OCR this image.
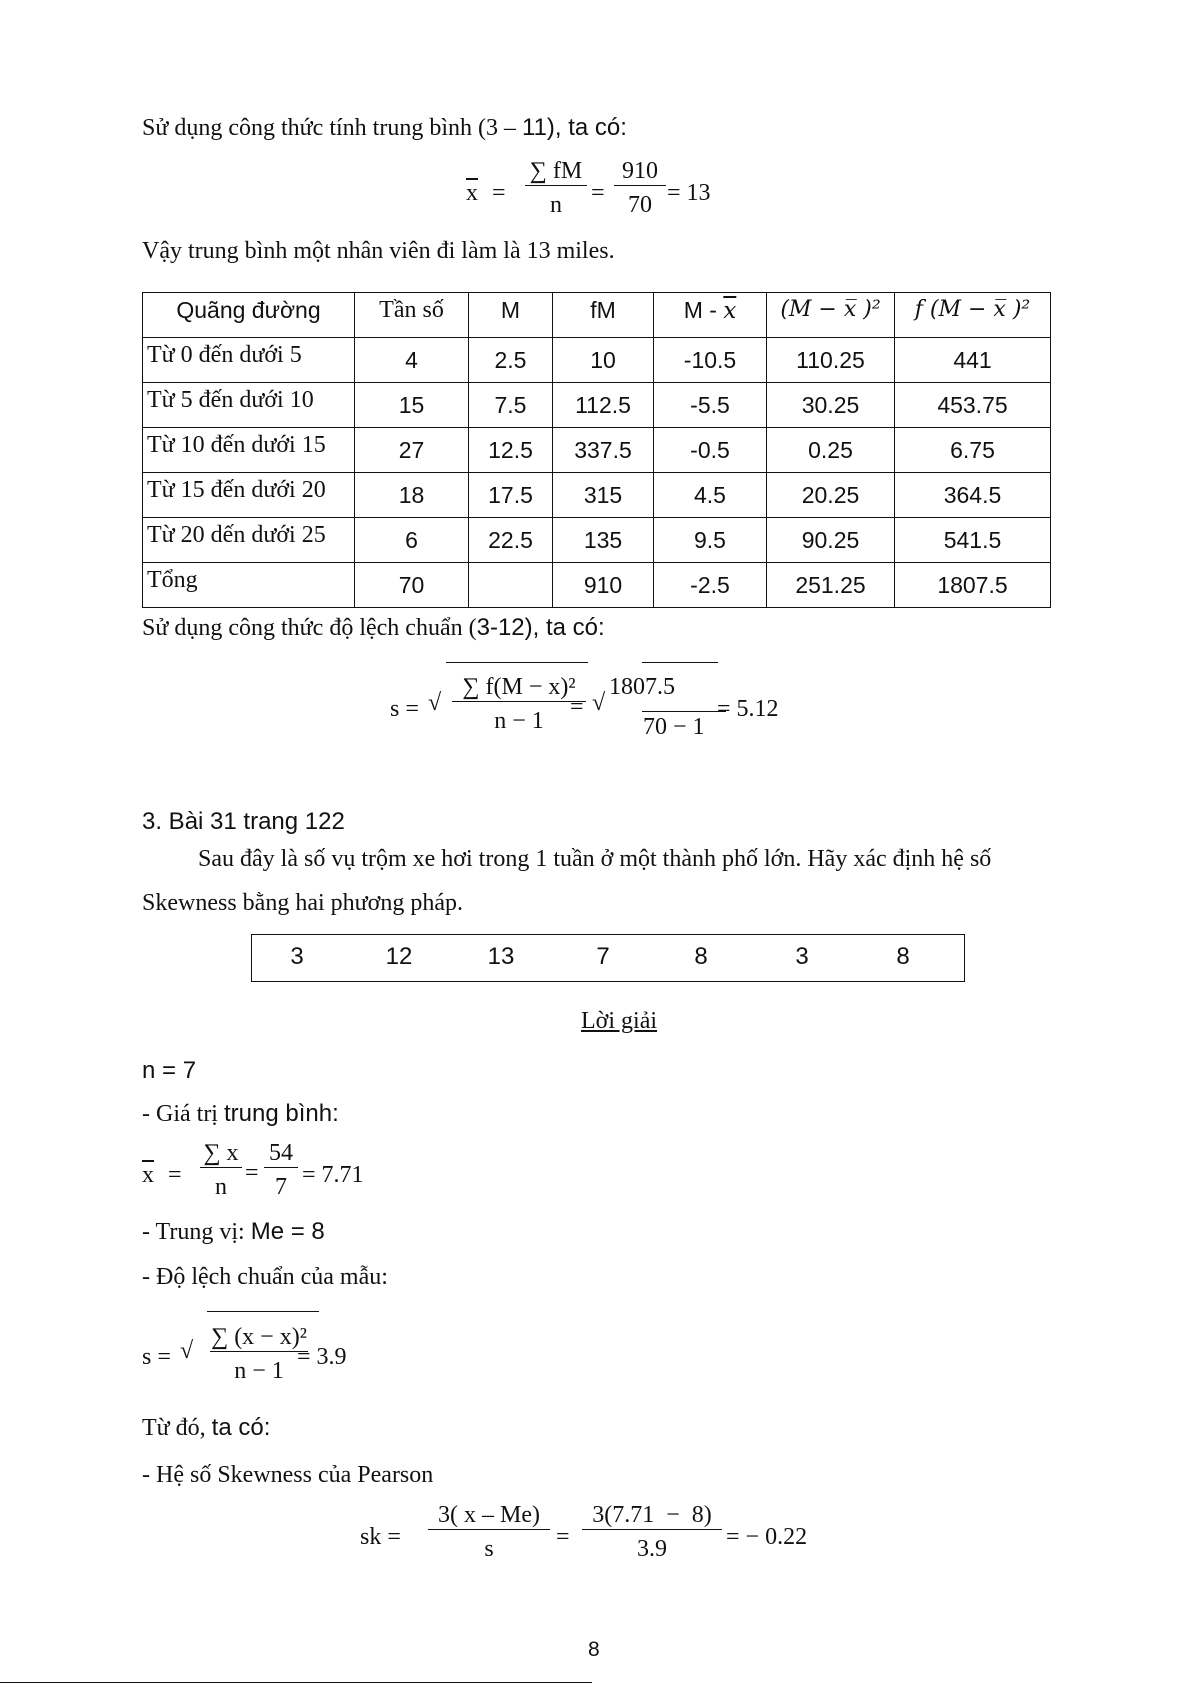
Sử dụng công thức tính trung bình (3 – 11), ta có:
$\overline{x}$ =
∑ fM
n	=
910
70 = 13
Vậy trung bình một nhân viên đi làm là 13 miles.
Quãng đường	Tần số	M	fM	M - $\overline{x}$	(M − x̅ )²	f (M − x̅ )²
Từ 0 đến dưới 5	4	2.5	10	-10.5	110.25	441
Từ 5 đến dưới 10	15	7.5	112.5	-5.5	30.25	453.75
Từ 10 đến dưới 15	27	12.5	337.5	-0.5	0.25	6.75
Từ 15 đến dưới 20	18	17.5	315	4.5	20.25	364.5
Từ 20 dến dưới 25	6	22.5	135	9.5	90.25	541.5
Tổng	70		910	-2.5	251.25	1807.5
Sử dụng công thức độ lệch chuẩn (3-12), ta có:
s = √
∑ f(M − x)²
n − 1
= √
1807.5
70 − 1
= 5.12
3. Bài 31 trang 122
Sau đây là số vụ trộm xe hơi trong 1 tuần ở một thành phố lớn. Hãy xác định hệ số
Skewness bằng hai phương pháp.
3	12	13	7	8	3	8
Lời giải
n = 7
- Giá trị trung bình:
$\overline{x}$ =
∑ x
n
=
54
7 = 7.71
- Trung vị: Me = 8
- Độ lệch chuẩn của mẫu:
s = √
∑ (x − x)²
n − 1
= 3.9
Từ đó, ta có:
- Hệ số Skewness của Pearson
sk =
3( x – Me)
s	=
3(7.71  −  8)
3.9	= − 0.22
8
